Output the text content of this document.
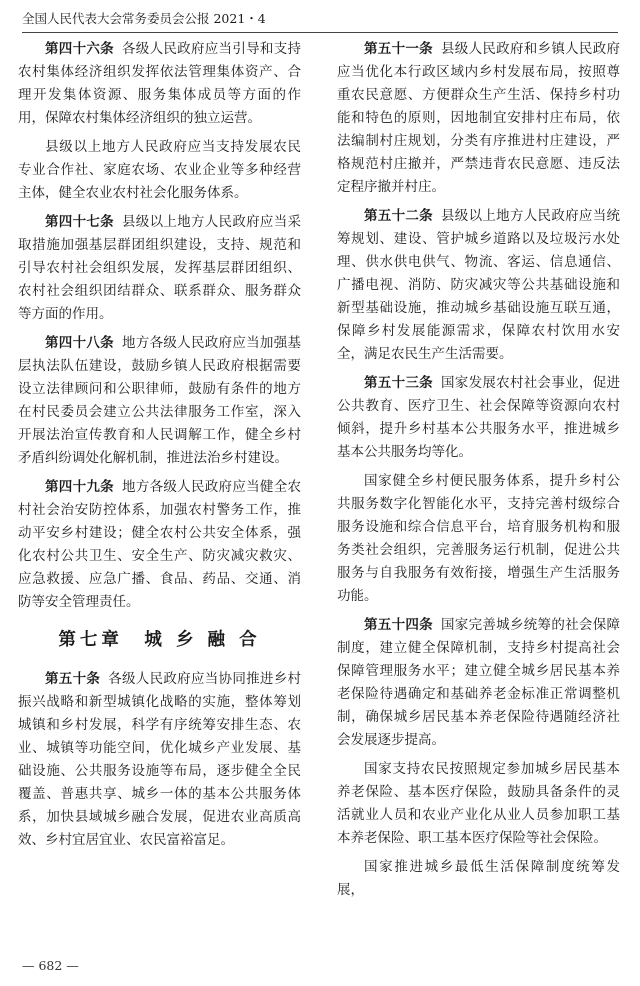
全国人民代表大会常务委员会公报 2021・4

第四十六条 各级人民政府应当引导和支持农村集体经济组织发挥依法管理集体资产、合理开发集体资源、服务集体成员等方面的作用，保障农村集体经济组织的独立运营。

县级以上地方人民政府应当支持发展农民专业合作社、家庭农场、农业企业等多种经营主体，健全农业农村社会化服务体系。

第四十七条 县级以上地方人民政府应当采取措施加强基层群团组织建设，支持、规范和引导农村社会组织发展，发挥基层群团组织、农村社会组织团结群众、联系群众、服务群众等方面的作用。

第四十八条 地方各级人民政府应当加强基层执法队伍建设，鼓励乡镇人民政府根据需要设立法律顾问和公职律师，鼓励有条件的地方在村民委员会建立公共法律服务工作室，深入开展法治宣传教育和人民调解工作，健全乡村矛盾纠纷调处化解机制，推进法治乡村建设。

第四十九条 地方各级人民政府应当健全农村社会治安防控体系，加强农村警务工作，推动平安乡村建设；健全农村公共安全体系，强化农村公共卫生、安全生产、防灾减灾救灾、应急救援、应急广播、食品、药品、交通、消防等安全管理责任。

第七章　城 乡 融 合

第五十条 各级人民政府应当协同推进乡村振兴战略和新型城镇化战略的实施，整体筹划城镇和乡村发展，科学有序统筹安排生态、农业、城镇等功能空间，优化城乡产业发展、基础设施、公共服务设施等布局，逐步健全全民覆盖、普惠共享、城乡一体的基本公共服务体系，加快县域城乡融合发展，促进农业高质高效、乡村宜居宜业、农民富裕富足。

第五十一条 县级人民政府和乡镇人民政府应当优化本行政区域内乡村发展布局，按照尊重农民意愿、方便群众生产生活、保持乡村功能和特色的原则，因地制宜安排村庄布局，依法编制村庄规划，分类有序推进村庄建设，严格规范村庄撤并，严禁违背农民意愿、违反法定程序撤并村庄。

第五十二条 县级以上地方人民政府应当统筹规划、建设、管护城乡道路以及垃圾污水处理、供水供电供气、物流、客运、信息通信、广播电视、消防、防灾减灾等公共基础设施和新型基础设施，推动城乡基础设施互联互通，保障乡村发展能源需求，保障农村饮用水安全，满足农民生产生活需要。

第五十三条 国家发展农村社会事业，促进公共教育、医疗卫生、社会保障等资源向农村倾斜，提升乡村基本公共服务水平，推进城乡基本公共服务均等化。

国家健全乡村便民服务体系，提升乡村公共服务数字化智能化水平，支持完善村级综合服务设施和综合信息平台，培育服务机构和服务类社会组织，完善服务运行机制，促进公共服务与自我服务有效衔接，增强生产生活服务功能。

第五十四条 国家完善城乡统筹的社会保障制度，建立健全保障机制，支持乡村提高社会保障管理服务水平；建立健全城乡居民基本养老保险待遇确定和基础养老金标准正常调整机制，确保城乡居民基本养老保险待遇随经济社会发展逐步提高。

国家支持农民按照规定参加城乡居民基本养老保险、基本医疗保险，鼓励具备条件的灵活就业人员和农业产业化从业人员参加职工基本养老保险、职工基本医疗保险等社会保险。

国家推进城乡最低生活保障制度统筹发展，

— 682 —
